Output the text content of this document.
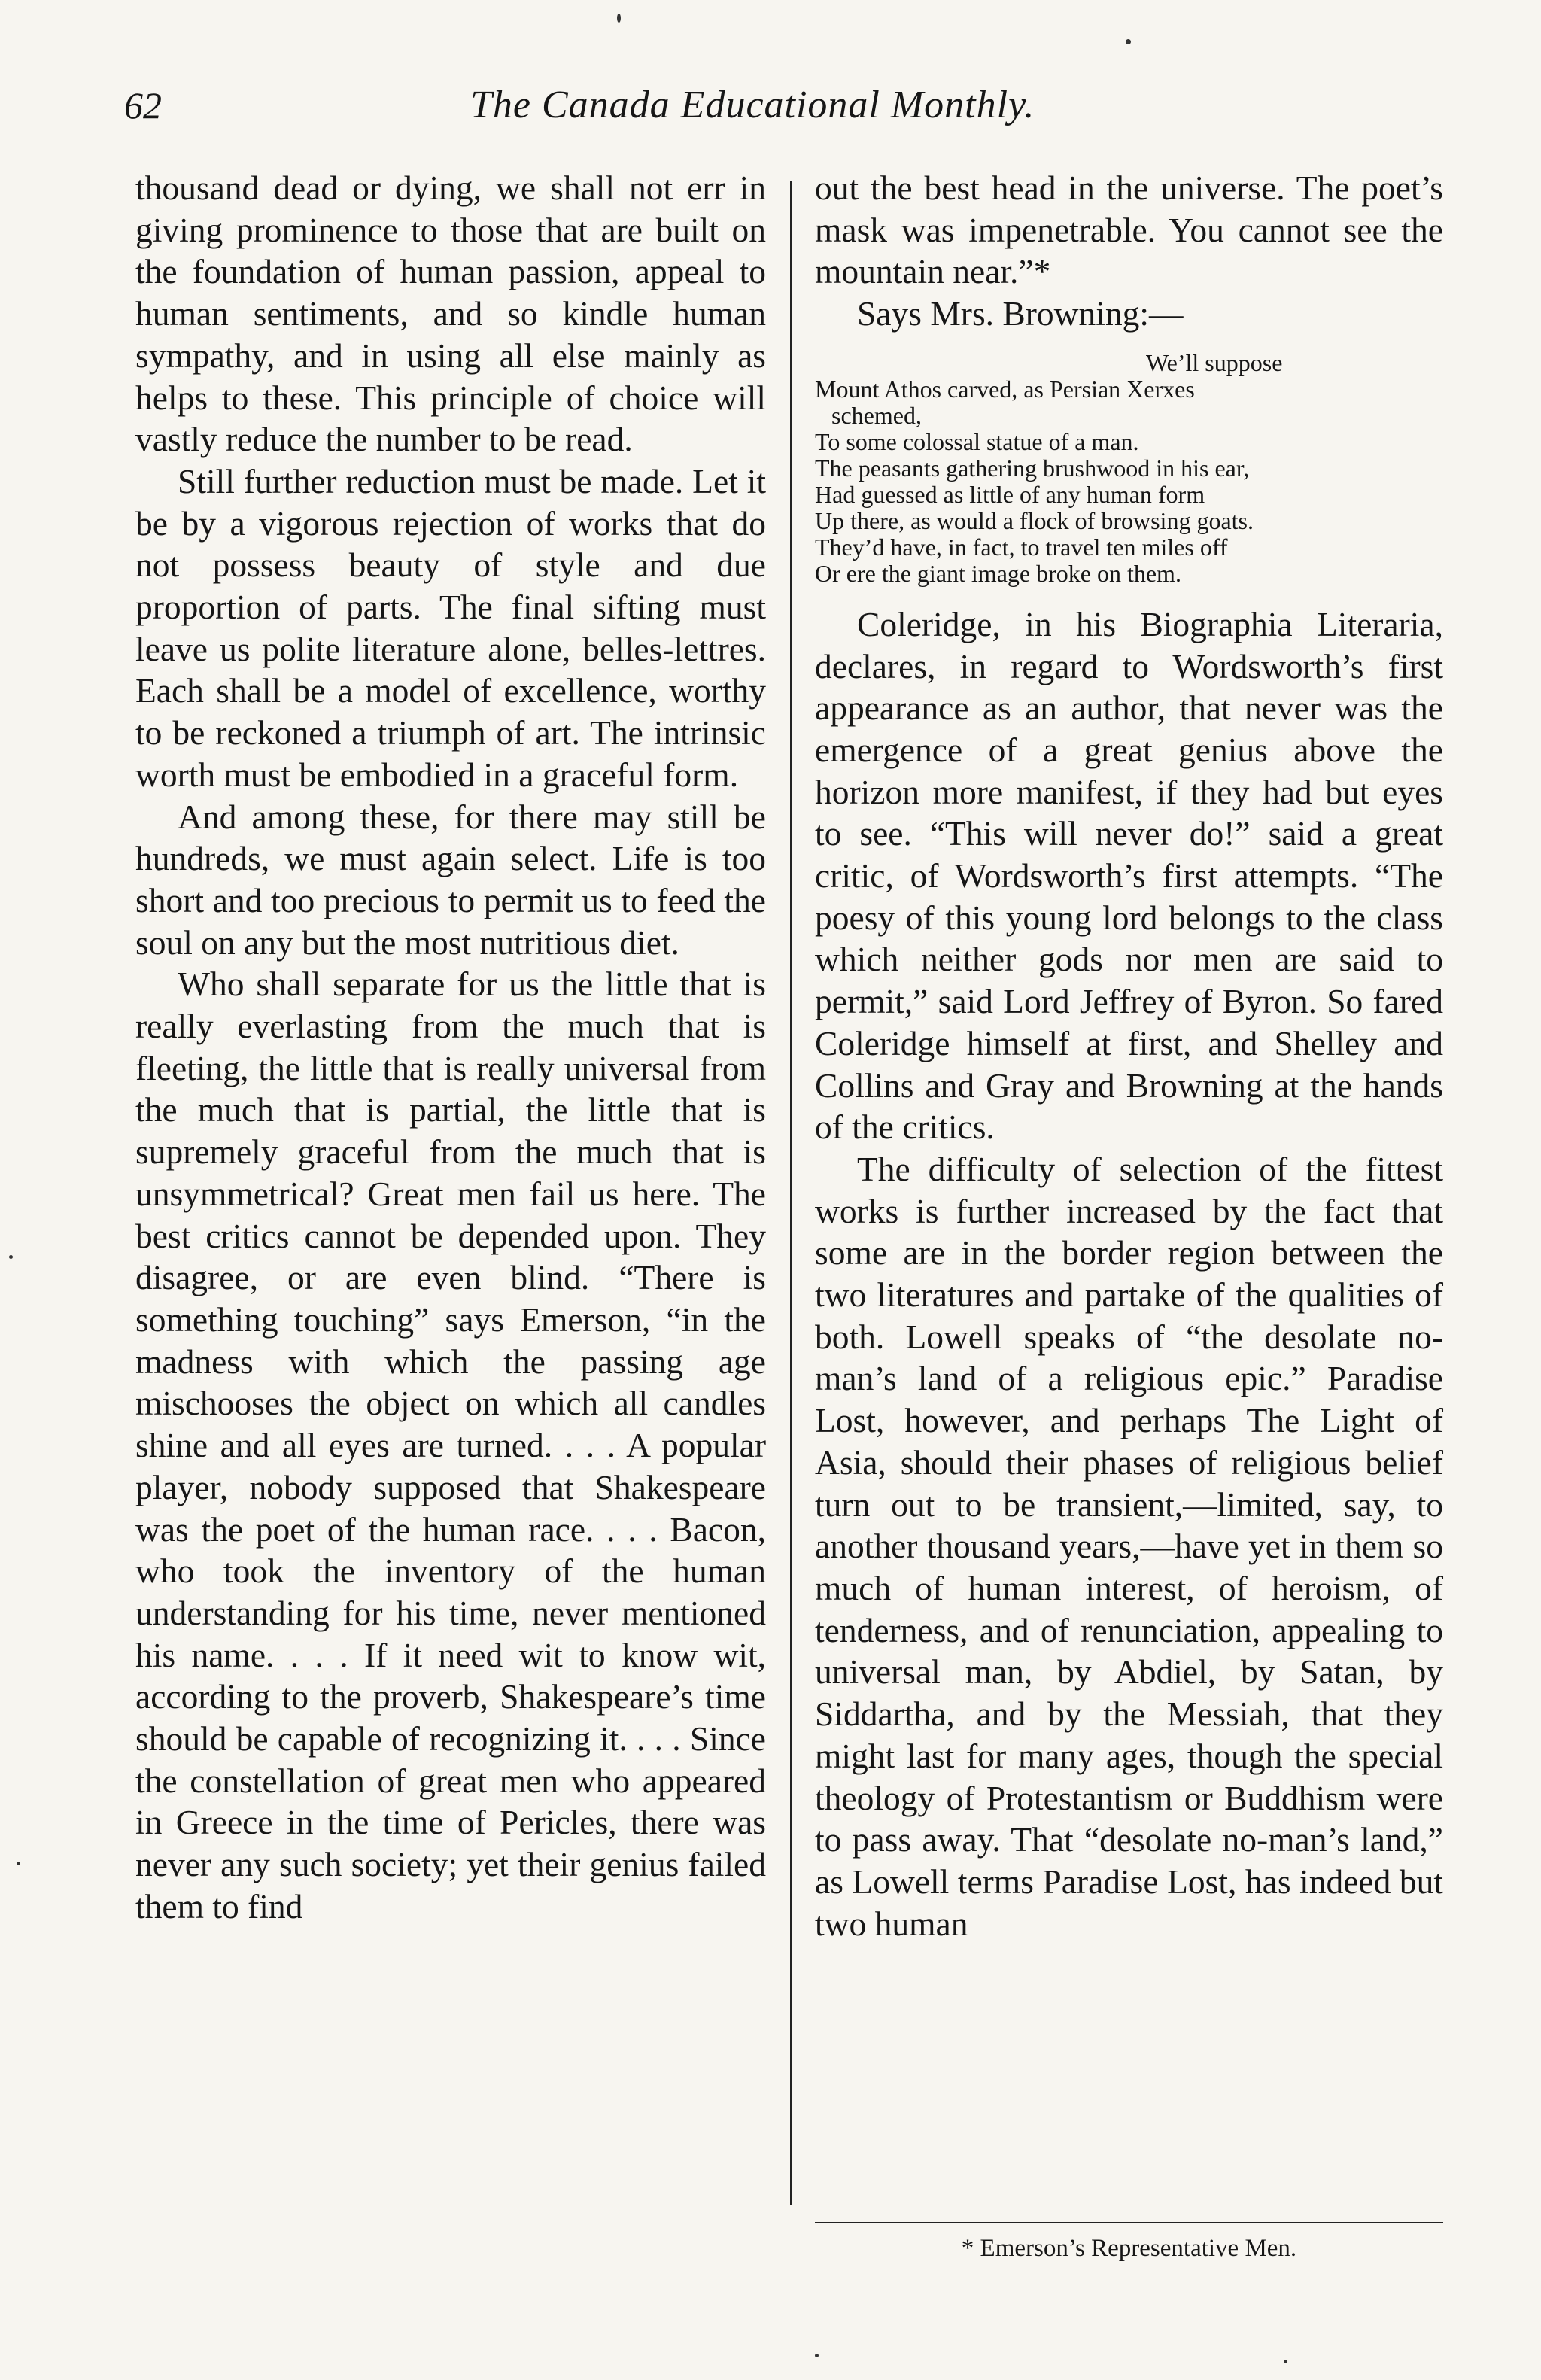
62	The Canada Educational Monthly.

thousand dead or dying, we shall not err in giving prominence to those that are built on the foundation of human passion, appeal to human sentiments, and so kindle human sympathy, and in using all else mainly as helps to these. This principle of choice will vastly reduce the number to be read.

Still further reduction must be made. Let it be by a vigorous rejection of works that do not possess beauty of style and due proportion of parts. The final sifting must leave us polite literature alone, belles-lettres. Each shall be a model of excellence, worthy to be reckoned a triumph of art. The intrinsic worth must be embodied in a graceful form.

And among these, for there may still be hundreds, we must again select. Life is too short and too precious to permit us to feed the soul on any but the most nutritious diet.

Who shall separate for us the little that is really everlasting from the much that is fleeting, the little that is really universal from the much that is partial, the little that is supremely graceful from the much that is unsymmetrical? Great men fail us here. The best critics cannot be depended upon. They disagree, or are even blind. “There is something touching” says Emerson, “in the madness with which the passing age mischooses the object on which all candles shine and all eyes are turned. . . . A popular player, nobody supposed that Shakespeare was the poet of the human race. . . . Bacon, who took the inventory of the human understanding for his time, never mentioned his name. . . . If it need wit to know wit, according to the proverb, Shakespeare’s time should be capable of recognizing it. . . . Since the constellation of great men who appeared in Greece in the time of Pericles, there was never any such society; yet their genius failed them to find

out the best head in the universe. The poet’s mask was impenetrable. You cannot see the mountain near.”*

Says Mrs. Browning:—

We’ll suppose
Mount Athos carved, as Persian Xerxes
schemed,
To some colossal statue of a man.
The peasants gathering brushwood in his ear,
Had guessed as little of any human form
Up there, as would a flock of browsing goats.
They’d have, in fact, to travel ten miles off
Or ere the giant image broke on them.

Coleridge, in his Biographia Literaria, declares, in regard to Wordsworth’s first appearance as an author, that never was the emergence of a great genius above the horizon more manifest, if they had but eyes to see. “This will never do!” said a great critic, of Wordsworth’s first attempts. “The poesy of this young lord belongs to the class which neither gods nor men are said to permit,” said Lord Jeffrey of Byron. So fared Coleridge himself at first, and Shelley and Collins and Gray and Browning at the hands of the critics.

The difficulty of selection of the fittest works is further increased by the fact that some are in the border region between the two literatures and partake of the qualities of both. Lowell speaks of “the desolate no-man’s land of a religious epic.” Paradise Lost, however, and perhaps The Light of Asia, should their phases of religious belief turn out to be transient,—limited, say, to another thousand years,—have yet in them so much of human interest, of heroism, of tenderness, and of renunciation, appealing to universal man, by Abdiel, by Satan, by Siddartha, and by the Messiah, that they might last for many ages, though the special theology of Protestantism or Buddhism were to pass away. That “desolate no-man’s land,” as Lowell terms Paradise Lost, has indeed but two human

* Emerson’s Representative Men.
